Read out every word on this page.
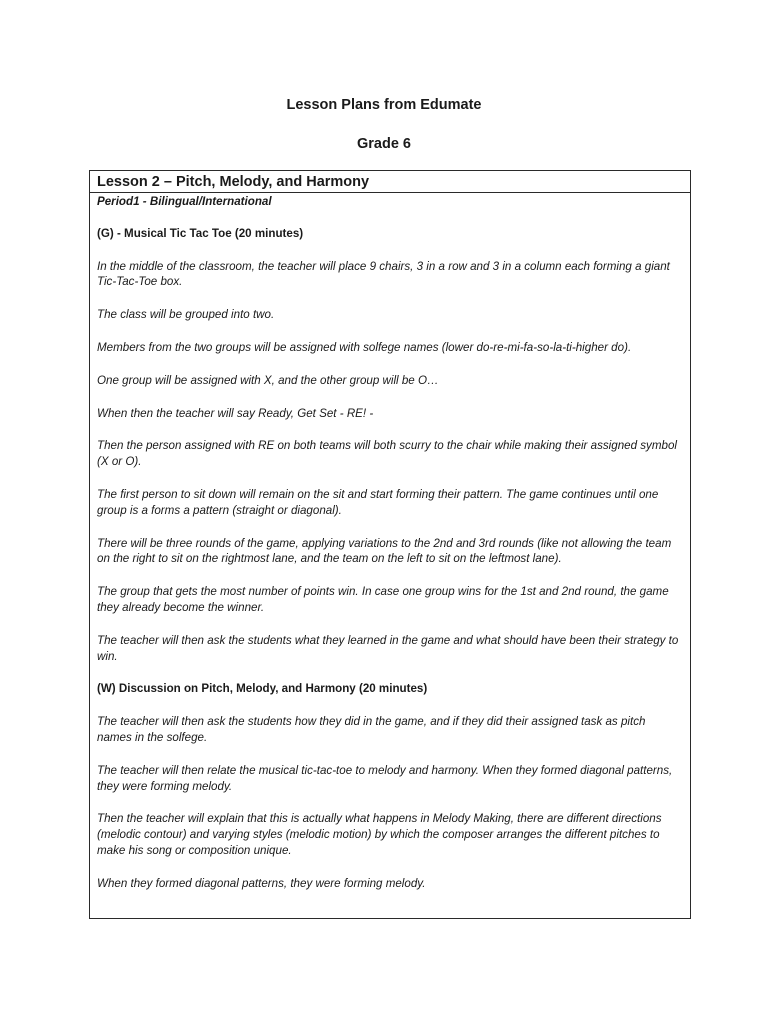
Lesson Plans from Edumate
Grade 6
Lesson 2 – Pitch, Melody, and Harmony

Period1 - Bilingual/International

(G) - Musical Tic Tac Toe (20 minutes)

In the middle of the classroom, the teacher will place 9 chairs, 3 in a row and 3 in a column each forming a giant Tic-Tac-Toe box.

The class will be grouped into two.

Members from the two groups will be assigned with solfege names (lower do-re-mi-fa-so-la-ti-higher do).

One group will be assigned with X, and the other group will be O…

When then the teacher will say Ready, Get Set - RE! -

Then the person assigned with RE on both teams will both scurry to the chair while making their assigned symbol (X or O).

The first person to sit down will remain on the sit and start forming their pattern. The game continues until one group is a forms a pattern (straight or diagonal).

There will be three rounds of the game, applying variations to the 2nd and 3rd rounds (like not allowing the team on the right to sit on the rightmost lane, and the team on the left to sit on the leftmost lane).

The group that gets the most number of points win. In case one group wins for the 1st and 2nd round, the game they already become the winner.

The teacher will then ask the students what they learned in the game and what should have been their strategy to win.

(W) Discussion on Pitch, Melody, and Harmony (20 minutes)

The teacher will then ask the students how they did in the game, and if they did their assigned task as pitch names in the solfege.

The teacher will then relate the musical tic-tac-toe to melody and harmony. When they formed diagonal patterns, they were forming melody.

Then the teacher will explain that this is actually what happens in Melody Making, there are different directions (melodic contour) and varying styles (melodic motion) by which the composer arranges the different pitches to make his song or composition unique.

When they formed diagonal patterns, they were forming melody.
